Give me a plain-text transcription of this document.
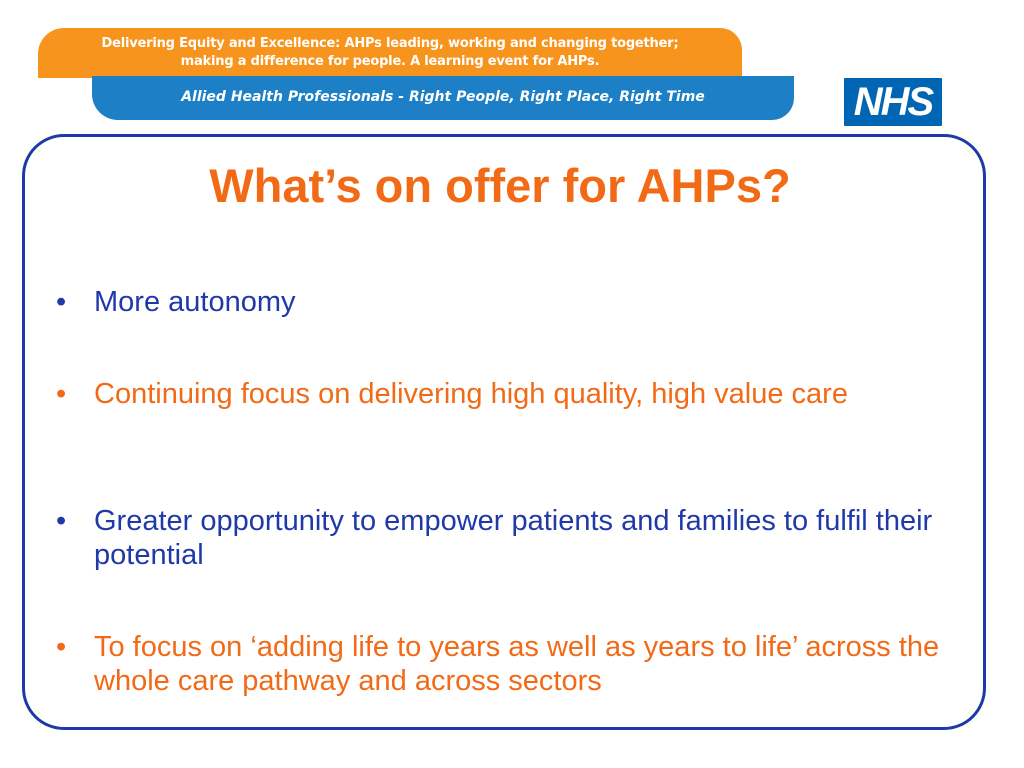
Delivering Equity and Excellence: AHPs leading, working and changing together;
making a difference for people. A learning event for AHPs.
Allied Health Professionals - Right People, Right Place, Right Time	NHS
What’s on offer for AHPs?
• More autonomy
• Continuing focus on delivering high quality, high value care
• Greater opportunity to empower patients and families to fulfil their potential
• To focus on ‘adding life to years as well as years to life’ across the whole care pathway and across sectors
